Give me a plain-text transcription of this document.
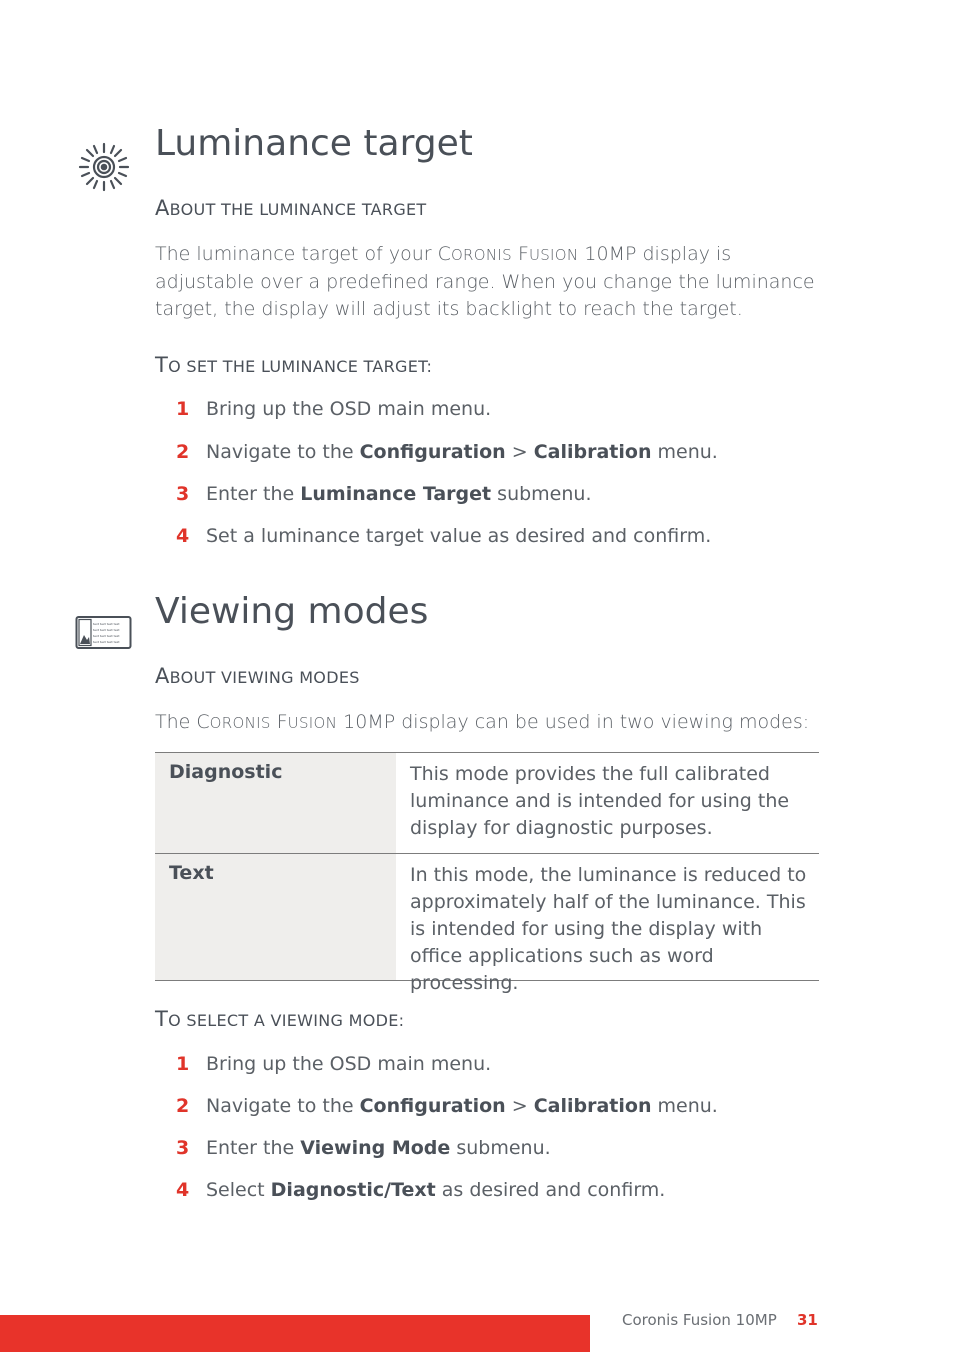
Luminance target
ABOUT THE LUMINANCE TARGET
The luminance target of your CORONIS FUSION 10MP display is adjustable over a predefined range. When you change the luminance target, the display will adjust its backlight to reach the target.
TO SET THE LUMINANCE TARGET:
1 Bring up the OSD main menu.
2 Navigate to the Configuration > Calibration menu.
3 Enter the Luminance Target submenu.
4 Set a luminance target value as desired and confirm.
text text text text
text text text text
text text text text
text text text text
Viewing modes
ABOUT VIEWING MODES
The CORONIS FUSION 10MP display can be used in two viewing modes:
Diagnostic	This mode provides the full calibrated luminance and is intended for using the display for diagnostic purposes.
Text	In this mode, the luminance is reduced to approximately half of the luminance. This is intended for using the display with office applications such as word processing.
TO SELECT A VIEWING MODE:
1 Bring up the OSD main menu.
2 Navigate to the Configuration > Calibration menu.
3 Enter the Viewing Mode submenu.
4 Select Diagnostic/Text as desired and confirm.
Coronis Fusion 10MP 31
